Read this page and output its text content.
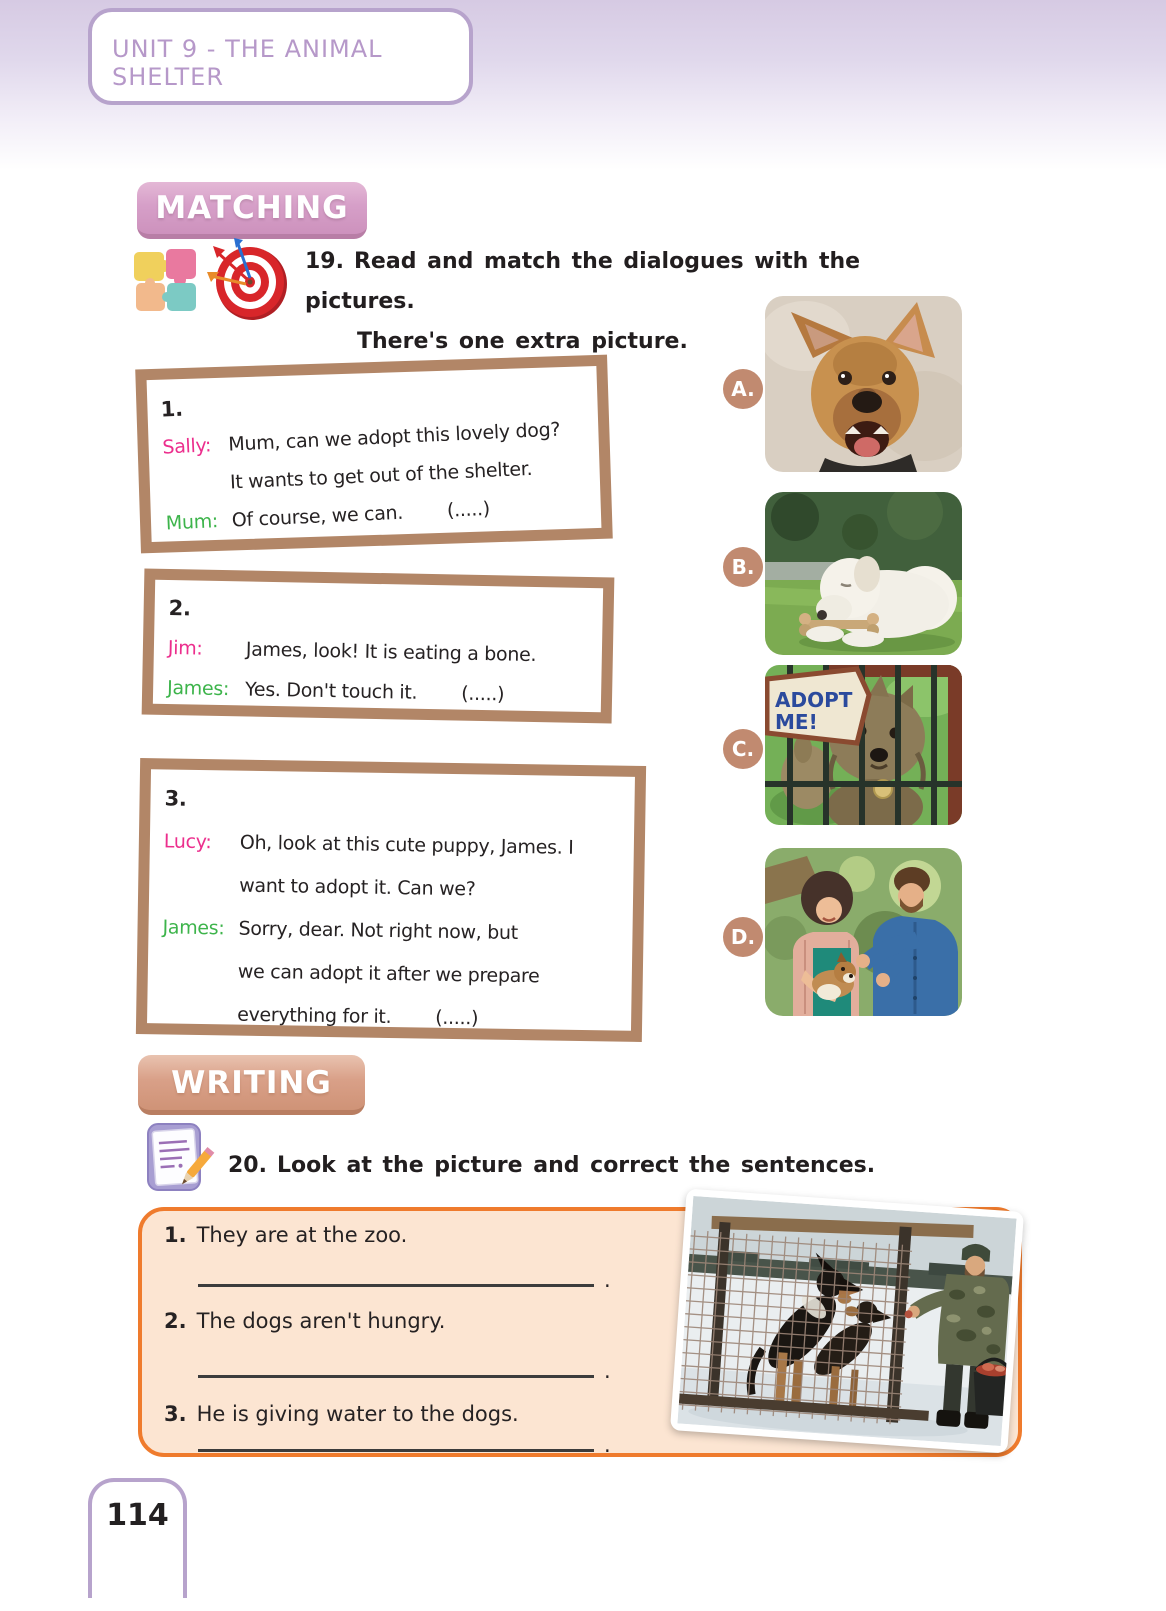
UNIT 9 - THE ANIMAL SHELTER
MATCHING
19. Read and match the dialogues with the pictures.
There's one extra picture.
1.
Sally: Mum, can we adopt this lovely dog?
It wants to get out of the shelter.
Mum: Of course, we can. (.....)
2.
Jim: James, look! It is eating a bone.
James: Yes. Don't touch it. (.....)
3.
Lucy: Oh, look at this cute puppy, James. I
want to adopt it. Can we?
James: Sorry, dear. Not right now, but
we can adopt it after we prepare
everything for it. (.....)
A.
B.
C.
D.
ADOPT
ME!
WRITING
20. Look at the picture and correct the sentences.
1. They are at the zoo.
.
2. The dogs aren't hungry.
.
3. He is giving water to the dogs.
.
114
